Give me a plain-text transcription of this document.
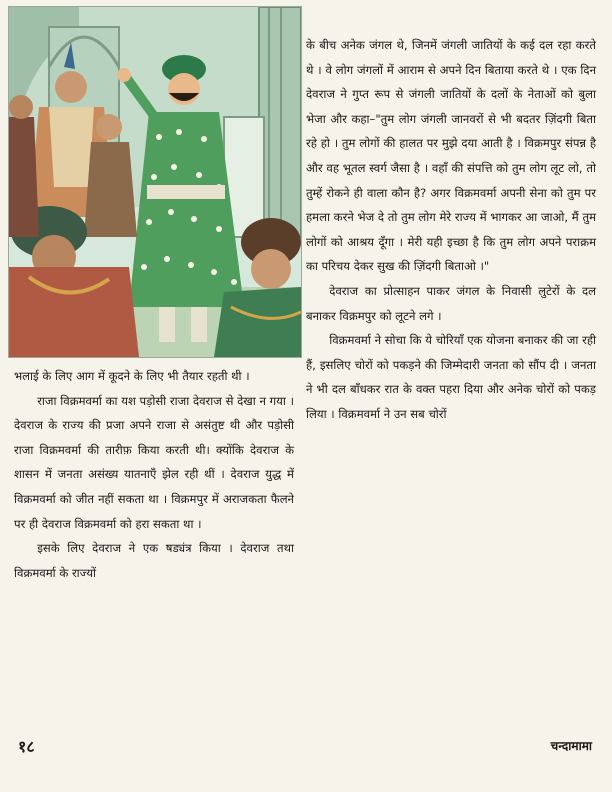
भलाई के लिए आग में कूदने के लिए भी तैयार रहती थी ।

राजा विक्रमवर्मा का यश पड़ोसी राजा देवराज से देखा न गया । देवराज के राज्य की प्रजा अपने राजा से असंतुष्ट थी और पड़ोसी राजा विक्रमवर्मा की तारीफ़ किया करती थी। क्योंकि देवराज के शासन में जनता असंख्य यातनाएँ झेल रही थीं । देवराज युद्ध में विक्रमवर्मा को जीत नहीं सकता था । विक्रमपुर में अराजकता फैलने पर ही देवराज विक्रमवर्मा को हरा सकता था ।

इसके लिए देवराज ने एक षड्यंत्र किया । देवराज तथा विक्रमवर्मा के राज्यों

के बीच अनेक जंगल थे, जिनमें जंगली जातियों के कई दल रहा करते थे । वे लोग जंगलों में आराम से अपने दिन बिताया करते थे । एक दिन देवराज ने गुप्त रूप से जंगली जातियों के दलों के नेताओं को बुला भेजा और कहा–"तुम लोग जंगली जानवरों से भी बदतर ज़िंदगी बिता रहे हो । तुम लोगों की हालत पर मुझे दया आती है । विक्रमपुर संपन्न है और वह भूतल स्वर्ग जैसा है । वहाँ की संपत्ति को तुम लोग लूट लो, तो तुम्हें रोकने ही वाला कौन है? अगर विक्रमवर्मा अपनी सेना को तुम पर हमला करने भेज दे तो तुम लोग मेरे राज्य में भागकर आ जाओ, मैं तुम लोगों को आश्रय दूँगा । मेरी यही इच्छा है कि तुम लोग अपने पराक्रम का परिचय देकर सुख की ज़िंदगी बिताओ ।"

देवराज का प्रोत्साहन पाकर जंगल के निवासी लुटेरों के दल बनाकर विक्रमपुर को लूटने लगे ।

विक्रमवर्मा ने सोचा कि ये चोरियाँ एक योजना बनाकर की जा रही हैं, इसलिए चोरों को पकड़ने की जिम्मेदारी जनता को सौंप दी । जनता ने भी दल बाँधकर रात के वक्त पहरा दिया और अनेक चोरों को पकड़ लिया । विक्रमवर्मा ने उन सब चोरों

१८	चन्दामामा
